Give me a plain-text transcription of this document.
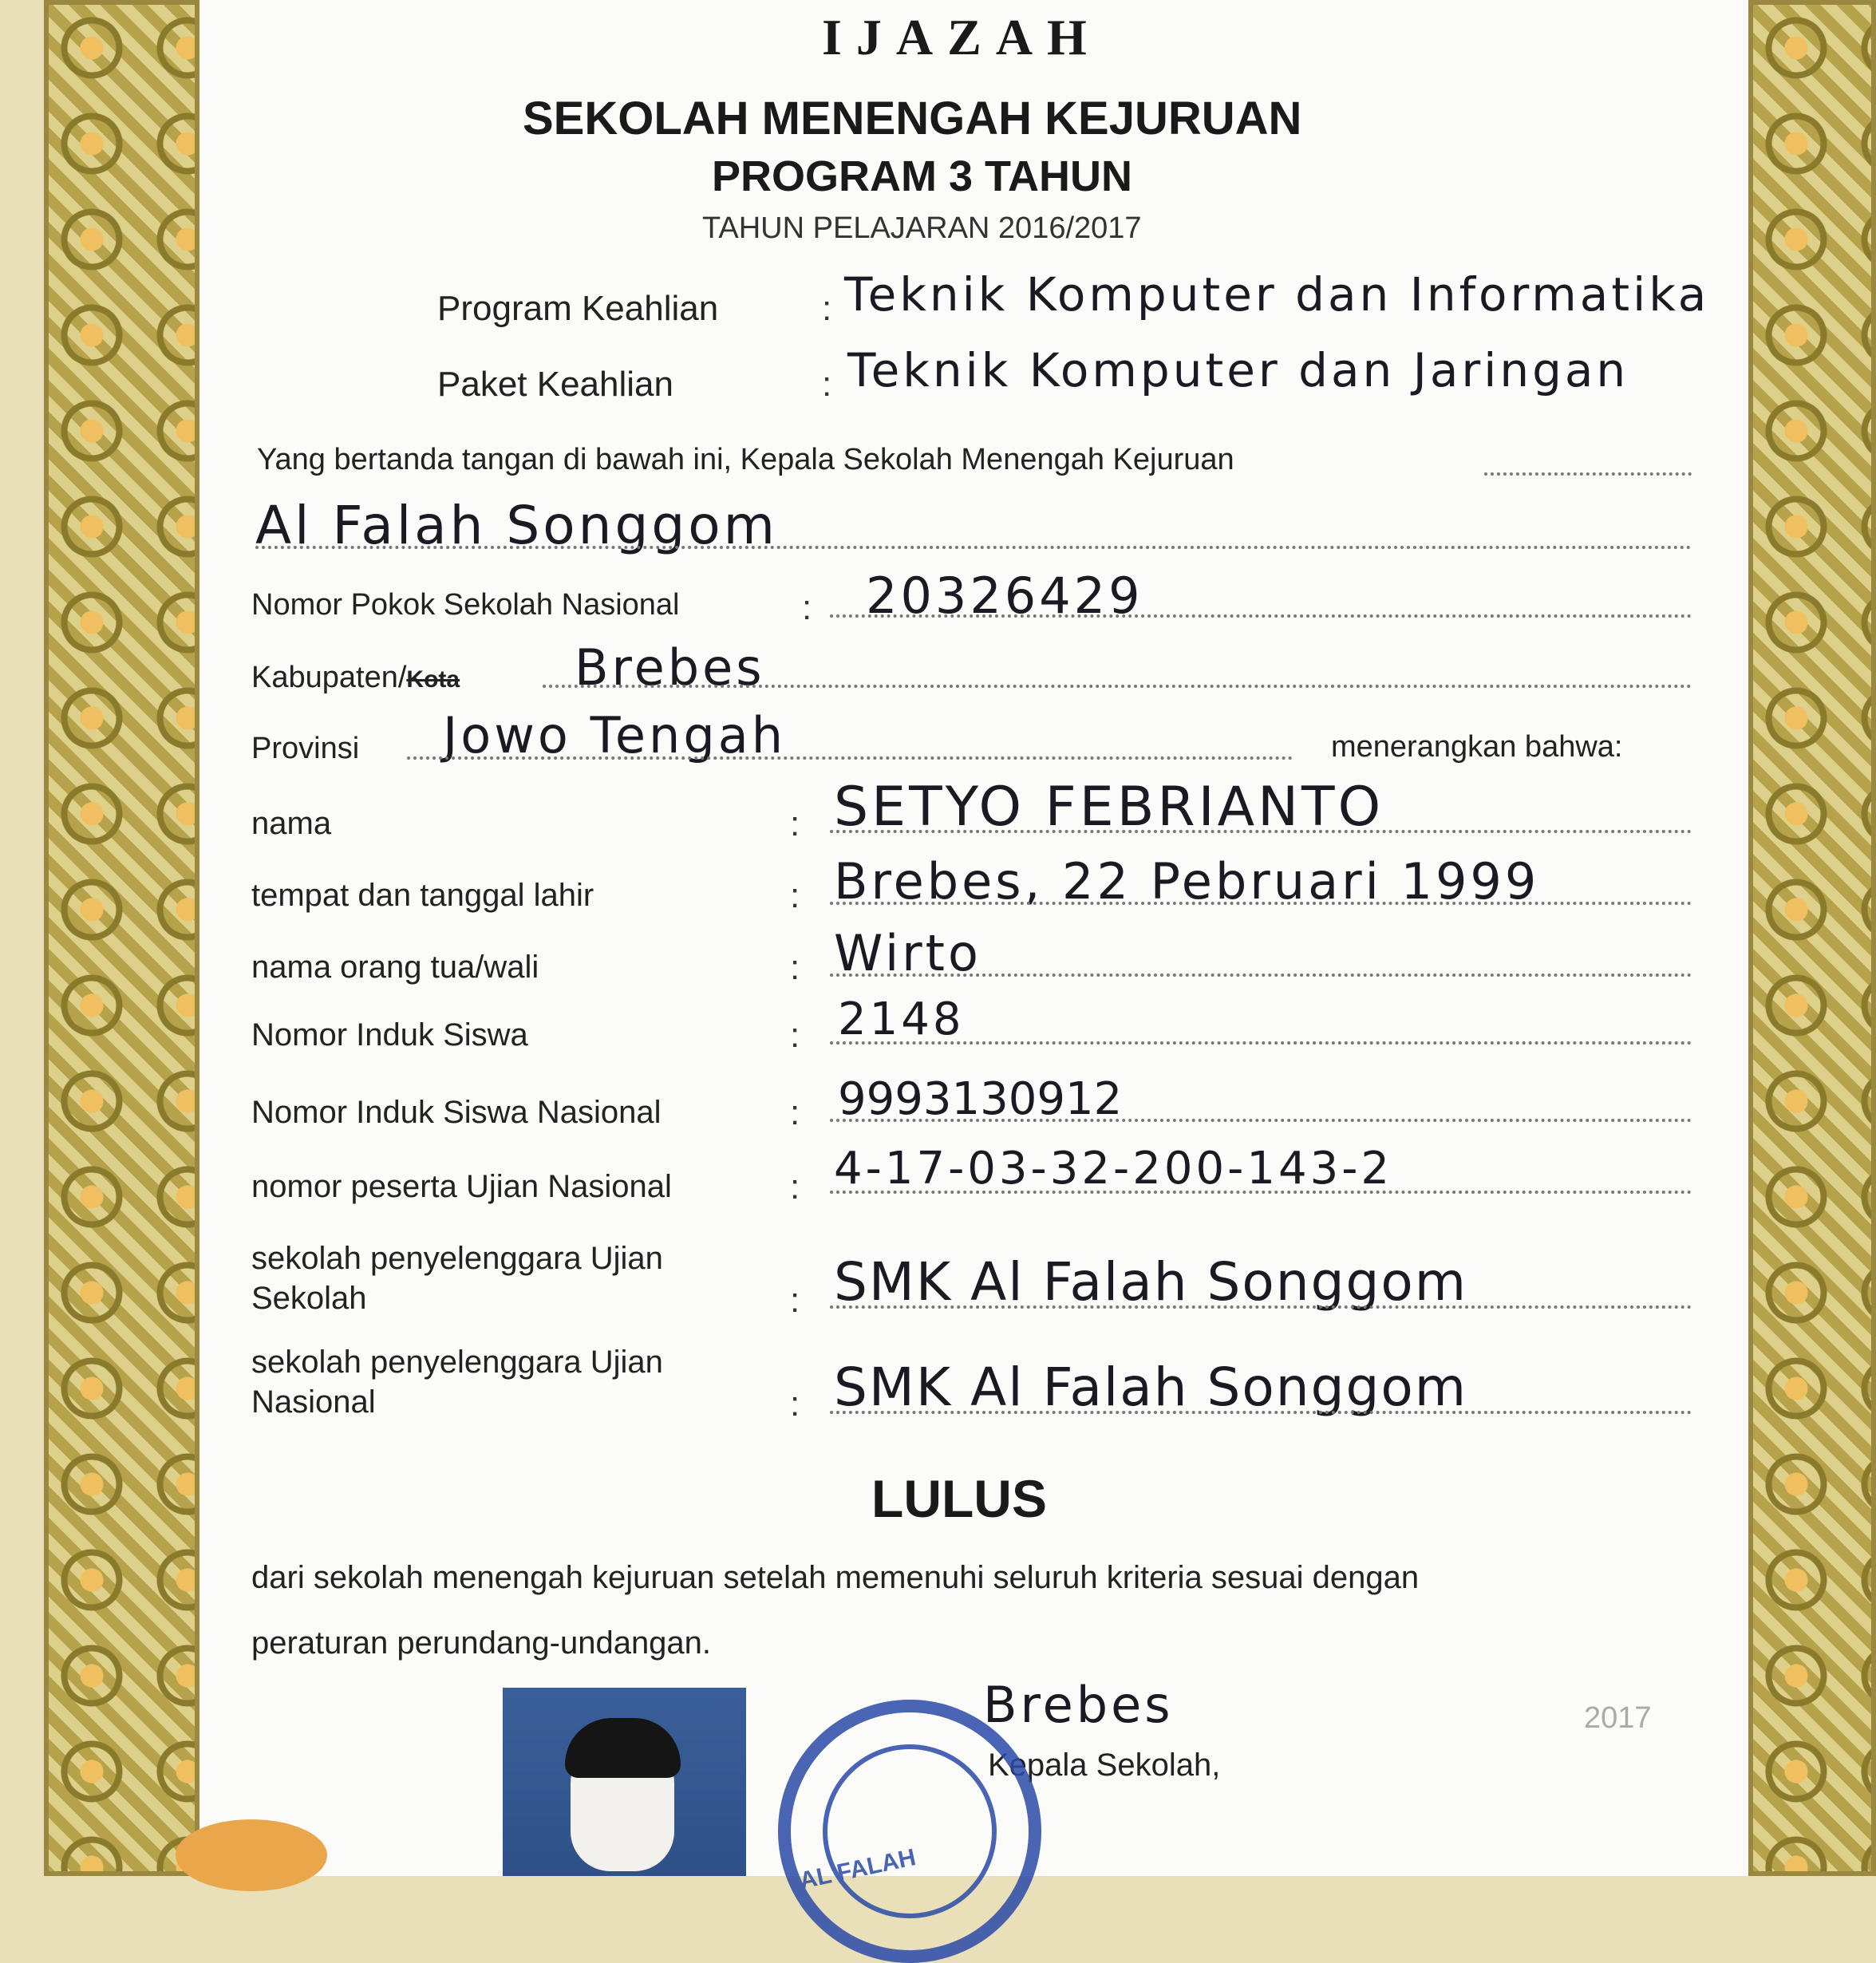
IJAZAH
SEKOLAH MENENGAH KEJURUAN
PROGRAM 3 TAHUN
TAHUN PELAJARAN 2016/2017
Program Keahlian	: Teknik Komputer dan Informatika
Paket Keahlian	: Teknik Komputer dan Jaringan
Yang bertanda tangan di bawah ini, Kepala Sekolah Menengah Kejuruan
Al Falah Songgom
Nomor Pokok Sekolah Nasional	: 20326429
Kabupaten/Kota Brebes
Provinsi Jowo Tengah	menerangkan bahwa:
nama	: SETYO FEBRIANTO
tempat dan tanggal lahir	: Brebes, 22 Pebruari 1999
nama orang tua/wali	: Wirto
Nomor Induk Siswa	: 2148
Nomor Induk Siswa Nasional	: 9993130912
nomor peserta Ujian Nasional	: 4-17-03-32-200-143-2
sekolah penyelenggara Ujian
Sekolah	: SMK Al Falah Songgom
sekolah penyelenggara Ujian
Nasional	: SMK Al Falah Songgom
LULUS
dari sekolah menengah kejuruan setelah memenuhi seluruh kriteria sesuai dengan
peraturan perundang-undangan.
Brebes	2017
Kepala Sekolah,
AL FALAH
